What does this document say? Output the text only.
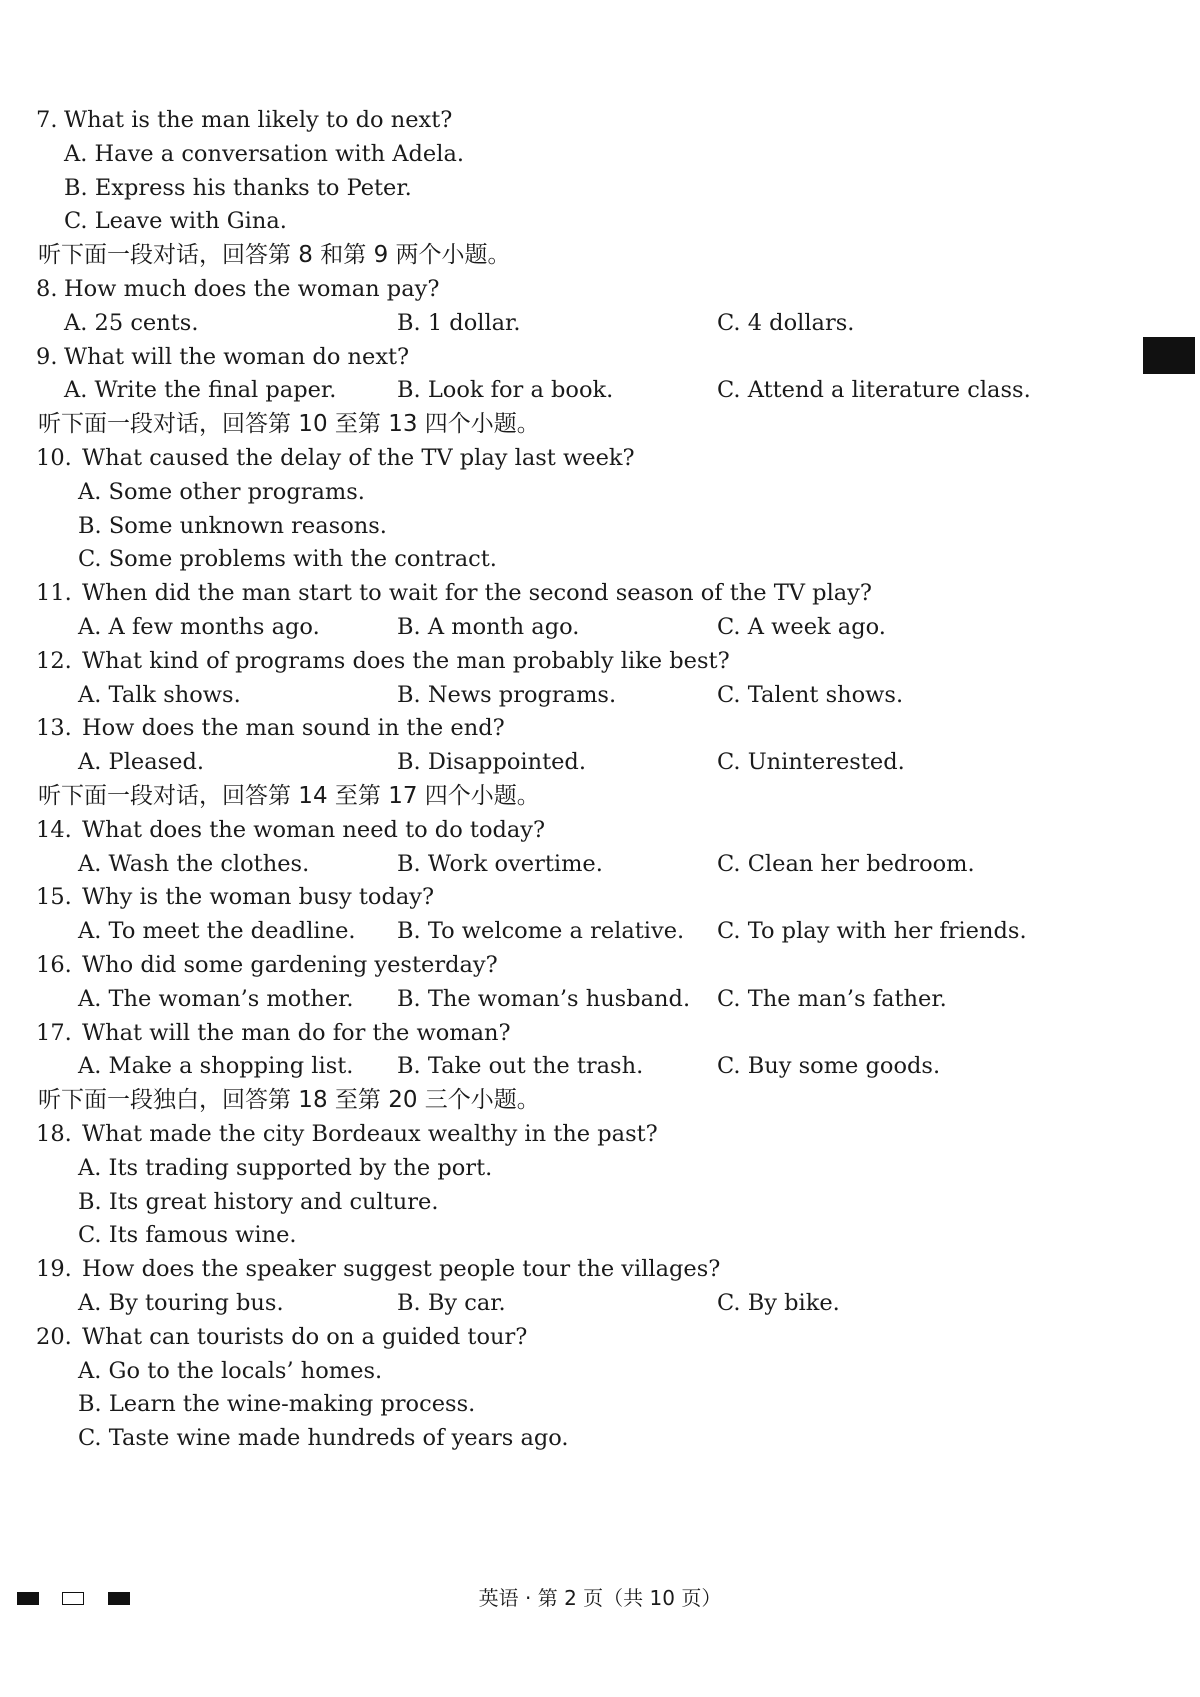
7. What is the man likely to do next?
A. Have a conversation with Adela.
B. Express his thanks to Peter.
C. Leave with Gina.
听下面一段对话，回答第 8 和第 9 两个小题。
8. How much does the woman pay?
A. 25 cents.	B. 1 dollar.	C. 4 dollars.
9. What will the woman do next?
A. Write the final paper.	B. Look for a book.	C. Attend a literature class.
听下面一段对话，回答第 10 至第 13 四个小题。
10. What caused the delay of the TV play last week?
A. Some other programs.
B. Some unknown reasons.
C. Some problems with the contract.
11. When did the man start to wait for the second season of the TV play?
A. A few months ago.	B. A month ago.	C. A week ago.
12. What kind of programs does the man probably like best?
A. Talk shows.	B. News programs.	C. Talent shows.
13. How does the man sound in the end?
A. Pleased.	B. Disappointed.	C. Uninterested.
听下面一段对话，回答第 14 至第 17 四个小题。
14. What does the woman need to do today?
A. Wash the clothes.	B. Work overtime.	C. Clean her bedroom.
15. Why is the woman busy today?
A. To meet the deadline. B. To welcome a relative. C. To play with her friends.
16. Who did some gardening yesterday?
A. The woman’s mother. B. The woman’s husband. C. The man’s father.
17. What will the man do for the woman?
A. Make a shopping list. B. Take out the trash.	C. Buy some goods.
听下面一段独白，回答第 18 至第 20 三个小题。
18. What made the city Bordeaux wealthy in the past?
A. Its trading supported by the port.
B. Its great history and culture.
C. Its famous wine.
19. How does the speaker suggest people tour the villages?
A. By touring bus.	B. By car.	C. By bike.
20. What can tourists do on a guided tour?
A. Go to the locals’ homes.
B. Learn the wine-making process.
C. Taste wine made hundreds of years ago.
英语 · 第 2 页（共 10 页）
